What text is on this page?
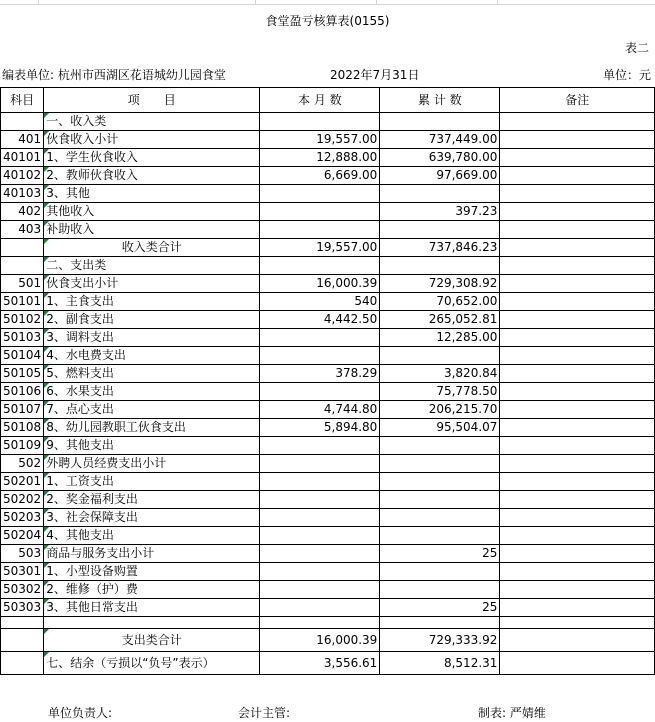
食堂盈亏核算表(0155)
表二
编表单位: 杭州市西湖区花语城幼儿园食堂	2022年7月31日	单位：元
科目	项　　目	本 月 数	累 计 数	备注
	一、收入类			
401	伙食收入小计	19,557.00	737,449.00	
40101	1、学生伙食收入	12,888.00	639,780.00	
40102	2、教师伙食收入	6,669.00	97,669.00	
40103	3、其他			
402	其他收入		397.23	
403	补助收入			
	收入类合计	19,557.00	737,846.23	
	二、支出类			
501	伙食支出小计	16,000.39	729,308.92	
50101	1、主食支出	540	70,652.00	
50102	2、副食支出	4,442.50	265,052.81	
50103	3、调料支出		12,285.00	
50104	4、水电费支出			
50105	5、燃料支出	378.29	3,820.84	
50106	6、水果支出		75,778.50	
50107	7、点心支出	4,744.80	206,215.70	
50108	8、幼儿园教职工伙食支出	5,894.80	95,504.07	
50109	9、其他支出			
502	外聘人员经费支出小计			
50201	1、工资支出			
50202	2、奖金福利支出			
50203	3、社会保障支出			
50204	4、其他支出			
503	商品与服务支出小计		25	
50301	1、小型设备购置			
50302	2、维修（护）费			
50303	3、其他日常支出		25	

	支出类合计	16,000.39	729,333.92	
	七、结余（亏损以“负号”表示）	3,556.61	8,512.31	
单位负责人:	会计主管:	制表: 严婧维
